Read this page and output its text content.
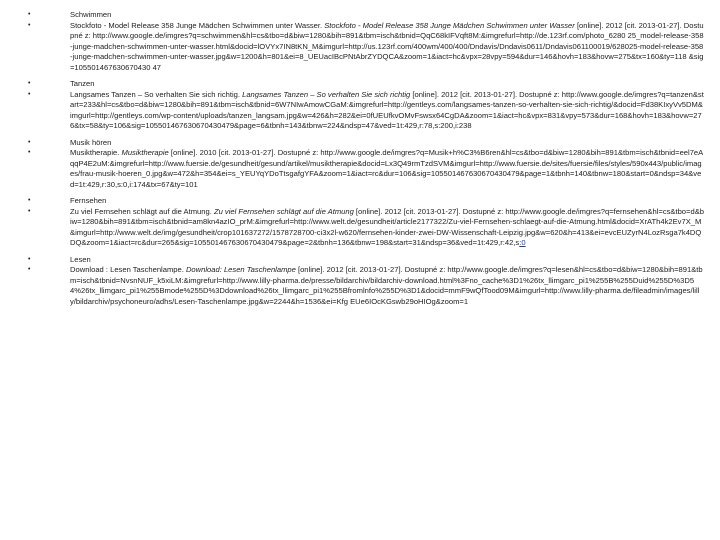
•	Schwimmen
•	Stockfoto - Model Release 358 Junge Mädchen Schwimmen unter Wasser. Stockfoto - Model Release 358 Junge Mädchen Schwimmen unter Wasser [online]. 2012 [cit. 2013-01-27]. Dostupné z: http://www.google.de/imgres?q=schwimmen&hl=cs&tbo=d&biw=1280&bih=891&tbm=isch&tbnid=QqC68kIFVqft8M:&imgrefurl=http://de.123rf.com/photo_6280 25_model-release-358-junge-madchen-schwimmen-unter-wasser.html&docid=lOVYx7IN8tKN_M&imgurl=http://us.123rf.com/400wm/400/400/Dndavis/Dndavis0611/Dndavis061100019/628025-model-release-358-junge-madchen-schwimmen-unter-wasser.jpg&w=1200&h=801&ei=8_UEUacIBcPNtAbrZYDQCA&zoom=1&iact=hc&vpx=28vpy=594&dur=146&hovh=183&hovw=275&tx=160&ty=118 &sig=105501467630670430 47
•	Tanzen
•	Langsames Tanzen – So verhalten Sie sich richtig. Langsames Tanzen – So verhalten Sie sich richtig [online]. 2012 [cit. 2013-01-27]. Dostupné z: http://www.google.de/imgres?q=tanzen&start=233&hl=cs&tbo=d&biw=1280&bih=891&tbm=isch&tbnid=6W7NIwAmowCGaM:&imgrefurl=http://gentleys.com/langsames-tanzen-so-verhalten-sie-sich-richtig/&docid=Fd38KIxyVv5DM&imgurl=http://gentleys.com/wp-content/uploads/tanzen_langsam.jpg&w=426&h=282&ei=0fUEUfkvOMvFswsx64CgDA&zoom=1&iact=hc&vpx=831&vpy=573&dur=168&hovh=183&hovw=276&tx=58&ty=106&sig=105501467630670430479&page=6&tbnh=143&tbnw=224&ndsp=47&ved=1t:429,r:78,s:200,i:238
•	Musik hören
•	Musiktherapie. Musiktherapie [online]. 2010 [cit. 2013-01-27]. Dostupné z: http://www.google.de/imgres?q=Musik+h%C3%B6ren&hl=cs&tbo=d&biw=1280&bih=891&tbm=isch&tbnid=eel7eAqqP4E2uM:&imgrefurl=http://www.fuersie.de/gesundheit/gesund/artikel/musiktherapie&docid=Lx3Q49rmTzdSVM&imgurl=http://www.fuersie.de/sites/fuersie/files/styles/590x443/public/images/frau-musik-hoeren_0.jpg&w=472&h=354&ei=s_YEUYqYDoTtsgafgYFA&zoom=1&iact=rc&dur=106&sig=105501467630670430479&page=1&tbnh=140&tbnw=180&start=0&ndsp=34&ved=1t:429,r:30,s:0,i:174&tx=67&ty=101
•	Fernsehen
•	Zu viel Fernsehen schlägt auf die Atmung. Zu viel Fernsehen schlägt auf die Atmung [online]. 2012 [cit. 2013-01-27]. Dostupné z: http://www.google.de/imgres?q=fernsehen&hl=cs&tbo=d&biw=1280&bih=891&tbm=isch&tbnid=am8kn4azIO_prM:&imgrefurl=http://www.welt.de/gesundheit/article2177322/Zu-viel-Fernsehen-schlaegt-auf-die-Atmung.html&docid=XrATh4k2Ev7X_M&imgurl=http://www.welt.de/img/gesundheit/crop101637272/1578728700-ci3x2l-w620/fernsehen-kinder-zwei-DW-Wissenschaft-Leipzig.jpg&w=620&h=413&ei=evcEUZyrN4LozRsga7k4DQDQ&zoom=1&iact=rc&dur=265&sig=105501467630670430479&page=2&tbnh=136&tbnw=198&start=31&ndsp=36&ved=1t:429,r:42,s:0
•	Lesen
•	Download : Lesen Taschenlampe. Download: Lesen Taschenlampe [online]. 2012 [cit. 2013-01-27]. Dostupné z: http://www.google.de/imgres?q=lesen&hl=cs&tbo=d&biw=1280&bih=891&tbm=isch&tbnid=NvsnNUF_k5xiLM:&imgrefurl=http://www.lilly-pharma.de/presse/bildarchiv/bildarchiv-download.html%3Fno_cache%3D1%26tx_llimgarc_pi1%255B%255Duid%255D%3D54%26tx_llimgarc_pi1%255Bmode%255D%3Ddownload%26tx_llimgarc_pi1%255Bfromlnfo%255D%3D1&docid=mmF9wQfTood09M&imgurl=http://www.lilly-pharma.de/fileadmin/images/lilly/bildarchiv/psychoneuro/adhs/Lesen-Taschenlampe.jpg&w=2244&h=1536&ei=Kfg EUe6IOcKGswb29oHIOg&zoom=1
